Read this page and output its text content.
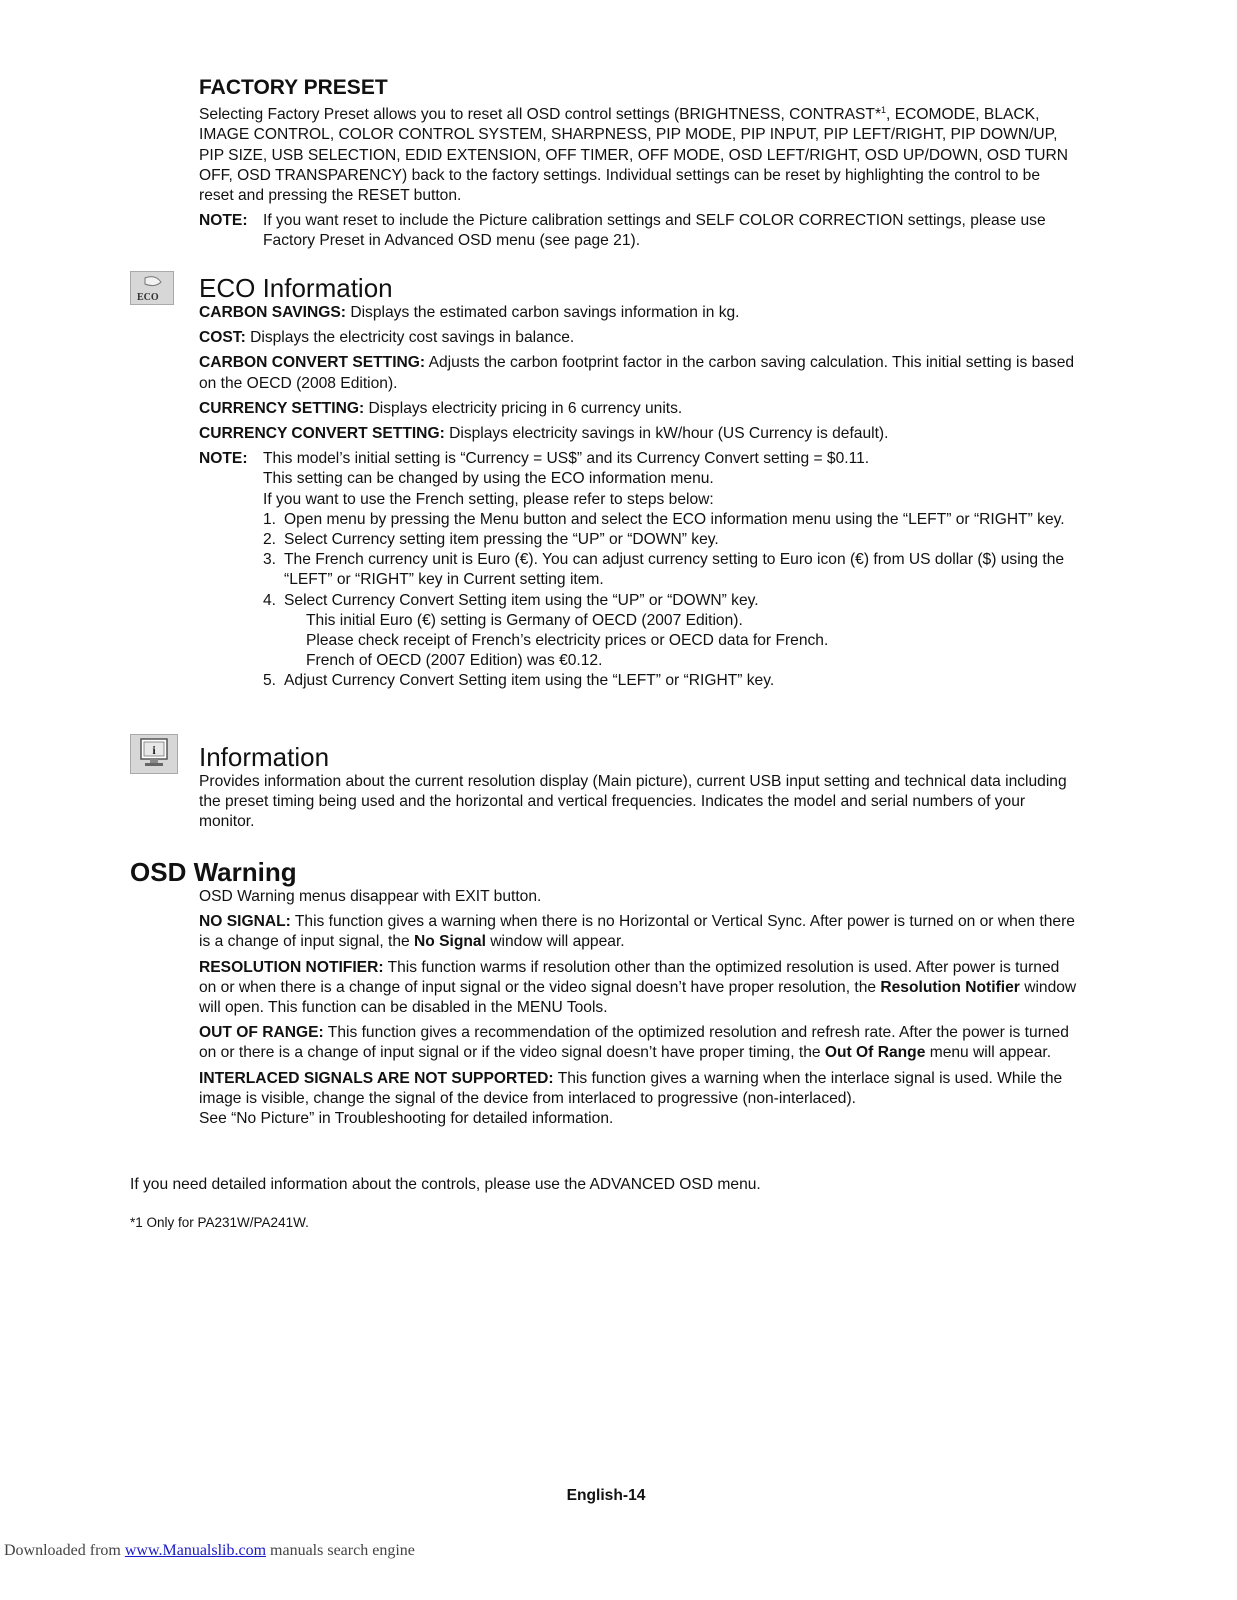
FACTORY PRESET

Selecting Factory Preset allows you to reset all OSD control settings (BRIGHTNESS, CONTRAST*$^1$, ECOMODE, BLACK, IMAGE CONTROL, COLOR CONTROL SYSTEM, SHARPNESS, PIP MODE, PIP INPUT, PIP LEFT/RIGHT, PIP DOWN/UP, PIP SIZE, USB SELECTION, EDID EXTENSION, OFF TIMER, OFF MODE, OSD LEFT/RIGHT, OSD UP/DOWN, OSD TURN OFF, OSD TRANSPARENCY) back to the factory settings. Individual settings can be reset by highlighting the control to be reset and pressing the RESET button.

NOTE: If you want reset to include the Picture calibration settings and SELF COLOR CORRECTION settings, please use Factory Preset in Advanced OSD menu (see page 21).
ECO ECO Information

CARBON SAVINGS: Displays the estimated carbon savings information in kg.

COST: Displays the electricity cost savings in balance.

CARBON CONVERT SETTING: Adjusts the carbon footprint factor in the carbon saving calculation. This initial setting is based on the OECD (2008 Edition).

CURRENCY SETTING: Displays electricity pricing in 6 currency units.

CURRENCY CONVERT SETTING: Displays electricity savings in kW/hour (US Currency is default).

NOTE: This model’s initial setting is “Currency = US$” and its Currency Convert setting = $0.11.
This setting can be changed by using the ECO information menu.
If you want to use the French setting, please refer to steps below:
1. Open menu by pressing the Menu button and select the ECO information menu using the “LEFT” or “RIGHT” key.
2. Select Currency setting item pressing the “UP” or “DOWN” key.
3. The French currency unit is Euro (€). You can adjust currency setting to Euro icon (€) from US dollar ($) using the “LEFT” or “RIGHT” key in Current setting item.
4. Select Currency Convert Setting item using the “UP” or “DOWN” key.
This initial Euro (€) setting is Germany of OECD (2007 Edition).
Please check receipt of French’s electricity prices or OECD data for French.
French of OECD (2007 Edition) was €0.12.
5. Adjust Currency Convert Setting item using the “LEFT” or “RIGHT” key.
i Information

Provides information about the current resolution display (Main picture), current USB input setting and technical data including the preset timing being used and the horizontal and vertical frequencies. Indicates the model and serial numbers of your monitor.

OSD Warning

OSD Warning menus disappear with EXIT button.

NO SIGNAL: This function gives a warning when there is no Horizontal or Vertical Sync. After power is turned on or when there is a change of input signal, the No Signal window will appear.

RESOLUTION NOTIFIER: This function warms if resolution other than the optimized resolution is used. After power is turned on or when there is a change of input signal or the video signal doesn’t have proper resolution, the Resolution Notifier window will open. This function can be disabled in the MENU Tools.

OUT OF RANGE: This function gives a recommendation of the optimized resolution and refresh rate. After the power is turned on or there is a change of input signal or if the video signal doesn’t have proper timing, the Out Of Range menu will appear.

INTERLACED SIGNALS ARE NOT SUPPORTED: This function gives a warning when the interlace signal is used. While the image is visible, change the signal of the device from interlaced to progressive (non-interlaced).
See “No Picture” in Troubleshooting for detailed information.

If you need detailed information about the controls, please use the ADVANCED OSD menu.

*1 Only for PA231W/PA241W.

English-14
Downloaded from www.Manualslib.com manuals search engine
